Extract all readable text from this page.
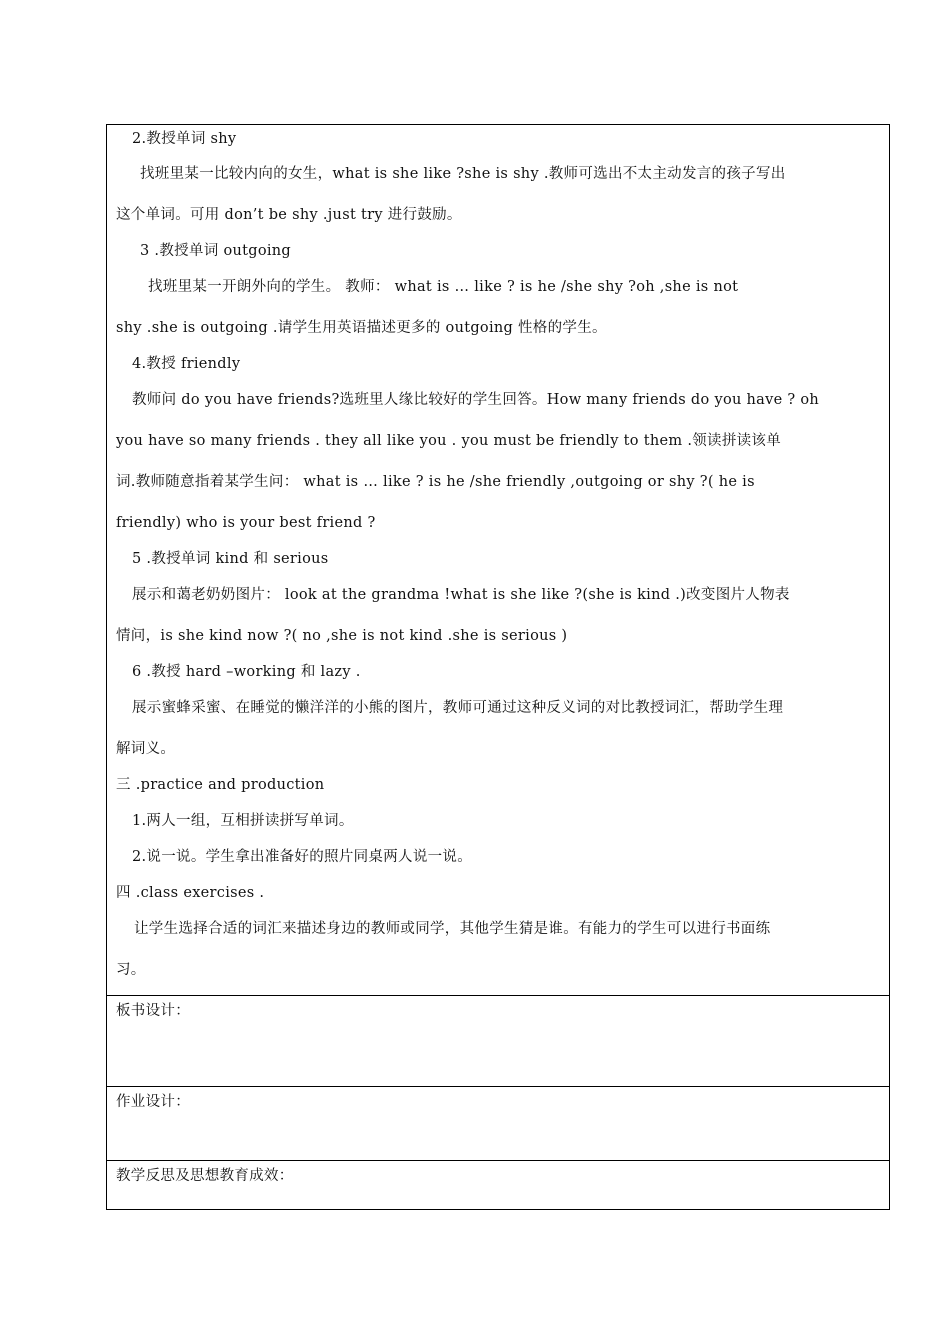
2.教授单词 shy
找班里某一比较内向的女生，what is she like ?she is shy .教师可选出不太主动发言的孩子写出
这个单词。可用 don’t be shy .just try 进行鼓励。
3 .教授单词 outgoing
找班里某一开朗外向的学生。 教师： what is … like ? is he /she shy ?oh ,she is not
shy .she is outgoing .请学生用英语描述更多的 outgoing 性格的学生。
4.教授 friendly
教师问 do you have friends?选班里人缘比较好的学生回答。How many friends do you have ? oh
you have so many friends . they all like you . you must be friendly to them .领读拼读该单
词.教师随意指着某学生问： what is … like ? is he /she friendly ,outgoing or shy ?( he is
friendly) who is your best friend ?
5 .教授单词 kind 和 serious
展示和蔼老奶奶图片： look at the grandma !what is she like ?(she is kind .)改变图片人物表
情问，is she kind now ?( no ,she is not kind .she is serious )
6 .教授 hard –working 和 lazy .
展示蜜蜂采蜜、在睡觉的懒洋洋的小熊的图片，教师可通过这种反义词的对比教授词汇，帮助学生理
解词义。
三 .practice and production
1.两人一组，互相拼读拼写单词。
2.说一说。学生拿出准备好的照片同桌两人说一说。
四 .class exercises .
让学生选择合适的词汇来描述身边的教师或同学，其他学生猜是谁。有能力的学生可以进行书面练
习。
板书设计：
作业设计：
教学反思及思想教育成效：
